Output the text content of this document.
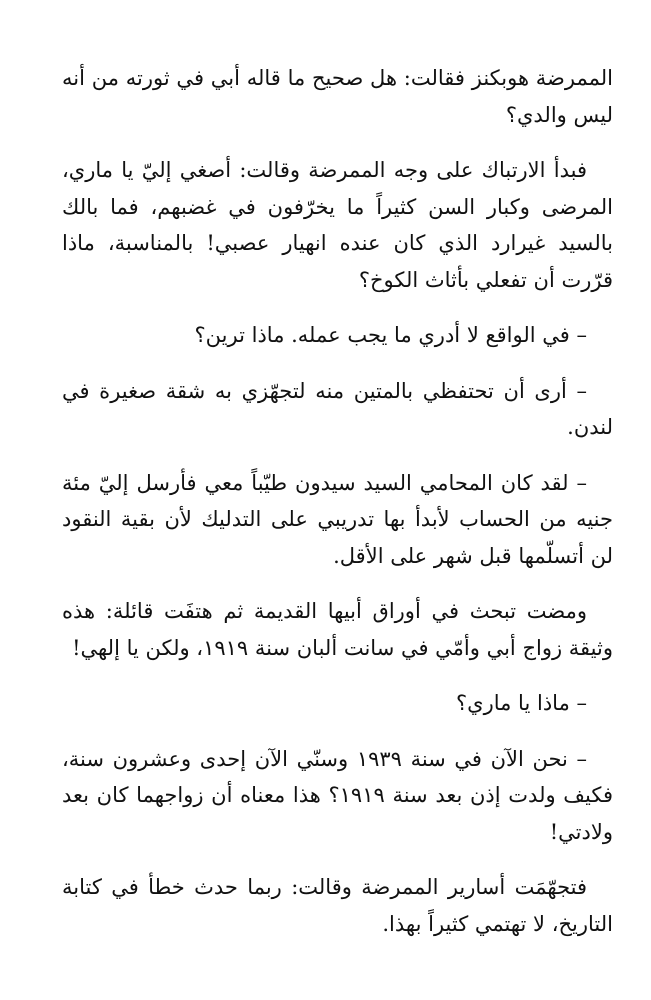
الممرضة هوبكنز فقالت: هل صحيح ما قاله أبي في ثورته من أنه ليس والدي؟

فبدأ الارتباك على وجه الممرضة وقالت: أصغي إليّ يا ماري، المرضى وكبار السن كثيراً ما يخرّفون في غضبهم، فما بالك بالسيد غيرارد الذي كان عنده انهيار عصبي! بالمناسبة، ماذا قرّرت أن تفعلي بأثاث الكوخ؟

– في الواقع لا أدري ما يجب عمله. ماذا ترين؟

– أرى أن تحتفظي بالمتين منه لتجهّزي به شقة صغيرة في لندن.

– لقد كان المحامي السيد سيدون طيّباً معي فأرسل إليّ مئة جنيه من الحساب لأبدأ بها تدريبي على التدليك لأن بقية النقود لن أتسلّمها قبل شهر على الأقل.

ومضت تبحث في أوراق أبيها القديمة ثم هتفَت قائلة: هذه وثيقة زواج أبي وأمّي في سانت ألبان سنة ١٩١٩، ولكن يا إلهي!

– ماذا يا ماري؟

– نحن الآن في سنة ١٩٣٩ وسنّي الآن إحدى وعشرون سنة، فكيف ولدت إذن بعد سنة ١٩١٩؟ هذا معناه أن زواجهما كان بعد ولادتي!

فتجهّمَت أسارير الممرضة وقالت: ربما حدث خطأ في كتابة التاريخ، لا تهتمي كثيراً بهذا.
